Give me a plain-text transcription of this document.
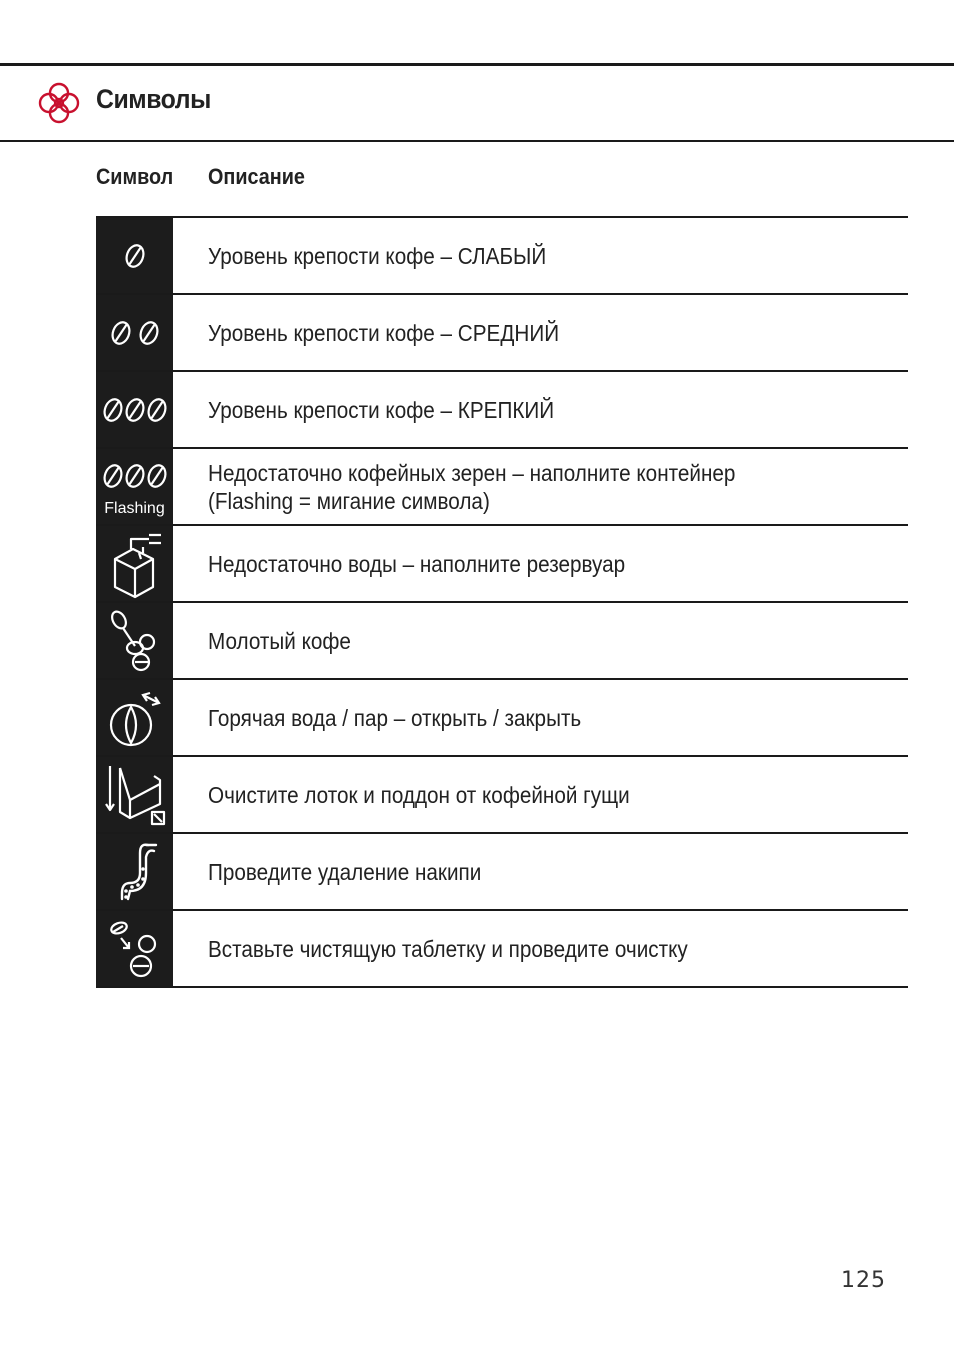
Символы
Символ Описание
Уровень крепости кофе – СЛАБЫЙ
Уровень крепости кофе – СРЕДНИЙ
Уровень крепости кофе – КРЕПКИЙ
Flashing
Недостаточно кофейных зерен – наполните контейнер
(Flashing = мигание символа)
Недостаточно воды – наполните резервуар
Молотый кофе
Горячая вода / пар – открыть / закрыть
Очистите лоток и поддон от кофейной гущи
Проведите удаление накипи
Вставьте чистящую таблетку и проведите очистку
125
